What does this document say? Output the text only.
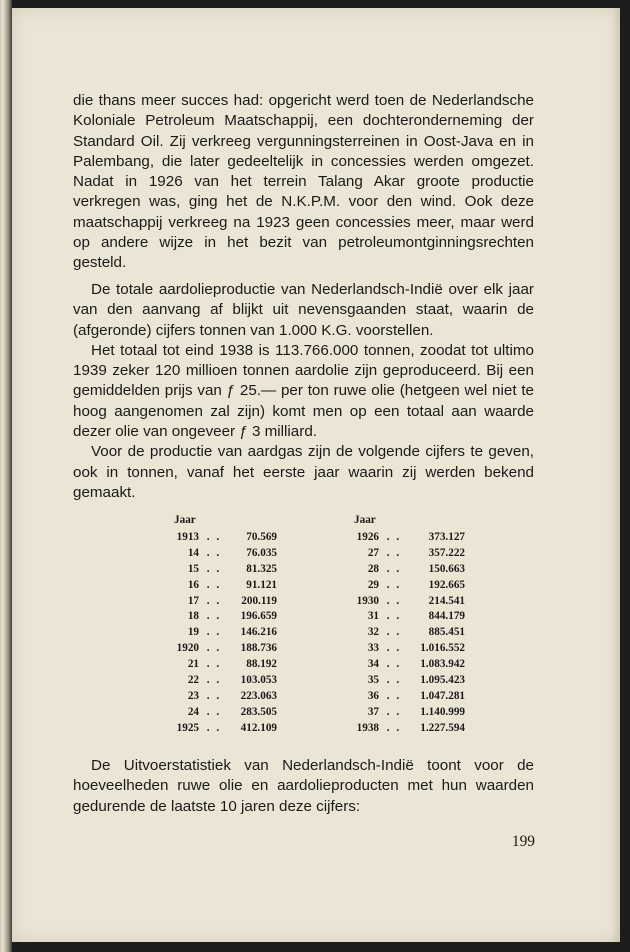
die thans meer succes had: opgericht werd toen de Nederlandsche Koloniale Petroleum Maatschappij, een dochteronderneming der Standard Oil. Zij verkreeg vergunningsterreinen in Oost-Java en in Palembang, die later gedeeltelijk in concessies werden omgezet. Nadat in 1926 van het terrein Talang Akar groote productie verkregen was, ging het de N.K.P.M. voor den wind. Ook deze maatschappij verkreeg na 1923 geen concessies meer, maar werd op andere wijze in het bezit van petroleumontginningsrechten gesteld.

De totale aardolieproductie van Nederlandsch-Indië over elk jaar van den aanvang af blijkt uit nevensgaanden staat, waarin de (afgeronde) cijfers tonnen van 1.000 K.G. voorstellen.

Het totaal tot eind 1938 is 113.766.000 tonnen, zoodat tot ultimo 1939 zeker 120 millioen tonnen aardolie zijn geproduceerd. Bij een gemiddelden prijs van ƒ 25.— per ton ruwe olie (hetgeen wel niet te hoog aangenomen zal zijn) komt men op een totaal aan waarde dezer olie van ongeveer ƒ 3 milliard.

Voor de productie van aardgas zijn de volgende cijfers te geven, ook in tonnen, vanaf het eerste jaar waarin zij werden bekend gemaakt.

Jaar
1913 . .	70.569
14 . .	76.035
15 . .	81.325
16 . .	91.121
17 . .	200.119
18 . .	196.659
19 . .	146.216
1920 . .	188.736
21 . .	88.192
22 . .	103.053
23 . .	223.063
24 . .	283.505
1925 . .	412.109
Jaar
1926 . .	373.127
27 . .	357.222
28 . .	150.663
29 . .	192.665
1930 . .	214.541
31 . .	844.179
32 . .	885.451
33 . .	1.016.552
34 . .	1.083.942
35 . .	1.095.423
36 . .	1.047.281
37 . .	1.140.999
1938 . .	1.227.594

De Uitvoerstatistiek van Nederlandsch-Indië toont voor de hoeveelheden ruwe olie en aardolieproducten met hun waarden gedurende de laatste 10 jaren deze cijfers:

199
